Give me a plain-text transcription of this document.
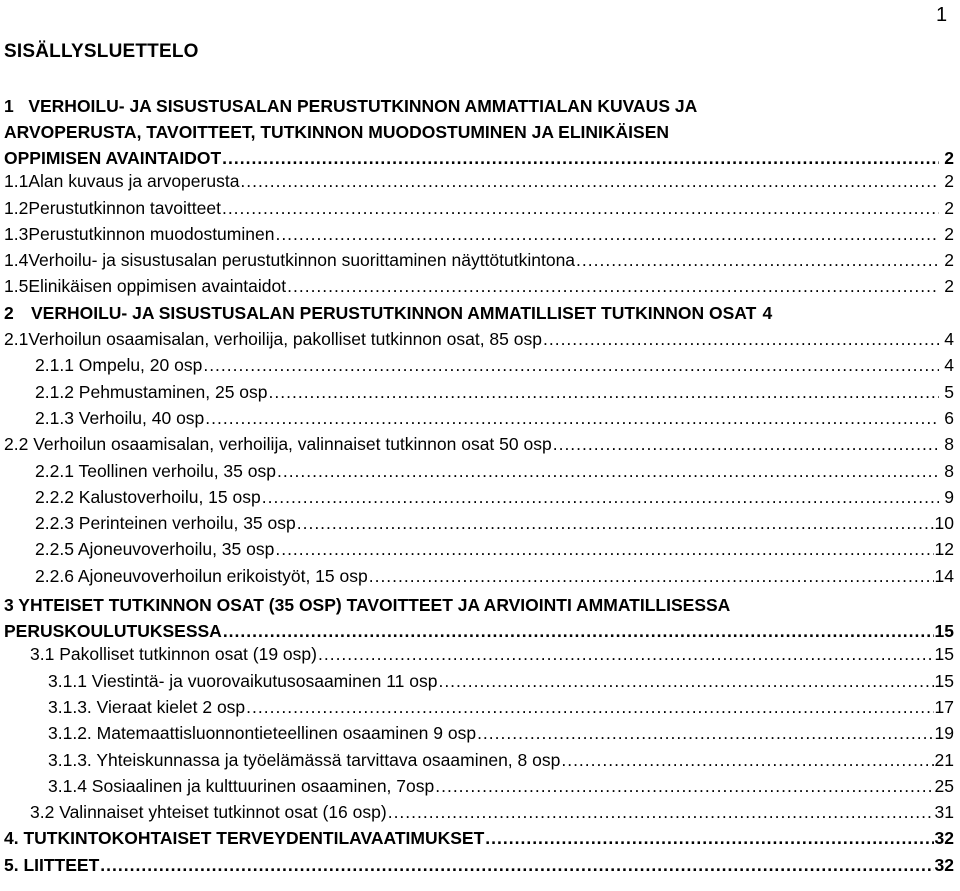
1
SISÄLLYSLUETTELO
1 VERHOILU- JA SISUSTUSALAN PERUSTUTKINNON AMMATTIALAN KUVAUS JA
ARVOPERUSTA, TAVOITTEET, TUTKINNON MUODOSTUMINEN JA ELINIKÄISEN
OPPIMISEN AVAINTAIDOT .....	2
1.1 Alan kuvaus ja arvoperusta .....	2
1.2 Perustutkinnon tavoitteet .....	2
1.3 Perustutkinnon muodostuminen .....	2
1.4 Verhoilu- ja sisustusalan perustutkinnon suorittaminen näyttötutkintona .....	2
1.5 Elinikäisen oppimisen avaintaidot .....	2
2 VERHOILU- JA SISUSTUSALAN PERUSTUTKINNON AMMATILLISET TUTKINNON OSAT 4
2.1 Verhoilun osaamisalan, verhoilija, pakolliset tutkinnon osat, 85 osp .....	4
2.1.1 Ompelu, 20 osp .....	4
2.1.2 Pehmustaminen, 25 osp .....	5
2.1.3 Verhoilu, 40 osp .....	6
2.2 Verhoilun osaamisalan, verhoilija, valinnaiset tutkinnon osat 50 osp .....	8
2.2.1 Teollinen verhoilu, 35 osp .....	8
2.2.2 Kalustoverhoilu, 15 osp .....	9
2.2.3 Perinteinen verhoilu, 35 osp .....	10
2.2.5 Ajoneuvoverhoilu, 35 osp .....	12
2.2.6 Ajoneuvoverhoilun erikoistyöt, 15 osp .....	14
3 YHTEISET TUTKINNON OSAT (35 OSP) TAVOITTEET JA ARVIOINTI AMMATILLISESSA
PERUSKOULUTUKSESSA .....	15
3.1 Pakolliset tutkinnon osat (19 osp) .....	15
3.1.1 Viestintä- ja vuorovaikutusosaaminen 11 osp .....	15
3.1.3. Vieraat kielet 2 osp .....	17
3.1.2. Matemaattisluonnontieteellinen osaaminen 9 osp .....	19
3.1.3. Yhteiskunnassa ja työelämässä tarvittava osaaminen, 8 osp .....	21
3.1.4 Sosiaalinen ja kulttuurinen osaaminen, 7osp .....	25
3.2 Valinnaiset yhteiset tutkinnot osat (16 osp) .....	31
4. TUTKINTOKOHTAISET TERVEYDENTILAVAATIMUKSET .....	32
5. LIITTEET .....	32
